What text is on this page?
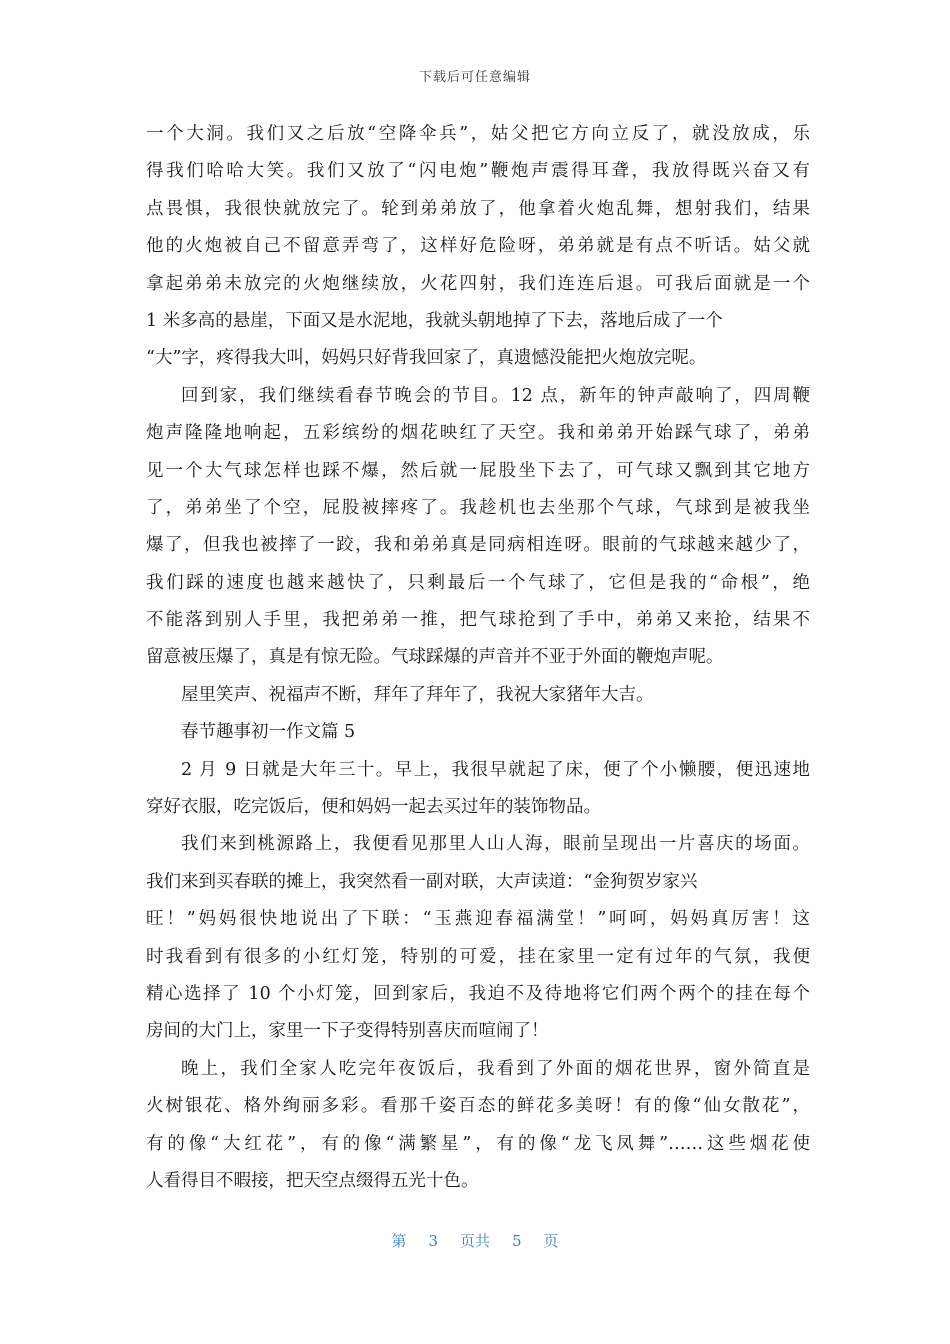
下载后可任意编辑
一个大洞。我们又之后放“空降伞兵”，姑父把它方向立反了，就没放成，乐
得我们哈哈大笑。我们又放了“闪电炮”鞭炮声震得耳聋，我放得既兴奋又有
点畏惧，我很快就放完了。轮到弟弟放了，他拿着火炮乱舞，想射我们，结果
他的火炮被自己不留意弄弯了，这样好危险呀，弟弟就是有点不听话。姑父就
拿起弟弟未放完的火炮继续放，火花四射，我们连连后退。可我后面就是一个
1 米多高的悬崖，下面又是水泥地，我就头朝地掉了下去，落地后成了一个
“大”字，疼得我大叫，妈妈只好背我回家了，真遗憾没能把火炮放完呢。
回到家，我们继续看春节晚会的节目。12 点，新年的钟声敲响了，四周鞭
炮声隆隆地响起，五彩缤纷的烟花映红了天空。我和弟弟开始踩气球了，弟弟
见一个大气球怎样也踩不爆，然后就一屁股坐下去了，可气球又飘到其它地方
了，弟弟坐了个空，屁股被摔疼了。我趁机也去坐那个气球，气球到是被我坐
爆了，但我也被摔了一跤，我和弟弟真是同病相连呀。眼前的气球越来越少了，
我们踩的速度也越来越快了，只剩最后一个气球了，它但是我的“命根”，绝
不能落到别人手里，我把弟弟一推，把气球抢到了手中，弟弟又来抢，结果不
留意被压爆了，真是有惊无险。气球踩爆的声音并不亚于外面的鞭炮声呢。
屋里笑声、祝福声不断，拜年了拜年了，我祝大家猪年大吉。
春节趣事初一作文篇 5
2 月 9 日就是大年三十。早上，我很早就起了床，便了个小懒腰，便迅速地
穿好衣服，吃完饭后，便和妈妈一起去买过年的装饰物品。
我们来到桃源路上，我便看见那里人山人海，眼前呈现出一片喜庆的场面。
我们来到买春联的摊上，我突然看一副对联，大声读道：“金狗贺岁家兴
旺！”妈妈很快地说出了下联：“玉燕迎春福满堂！”呵呵，妈妈真厉害！这
时我看到有很多的小红灯笼，特别的可爱，挂在家里一定有过年的气氛，我便
精心选择了 10 个小灯笼，回到家后，我迫不及待地将它们两个两个的挂在每个
房间的大门上，家里一下子变得特别喜庆而喧闹了！
晚上，我们全家人吃完年夜饭后，我看到了外面的烟花世界，窗外简直是
火树银花、格外绚丽多彩。看那千姿百态的鲜花多美呀！有的像“仙女散花”，
有的像“大红花”，有的像“满繁星”，有的像“龙飞凤舞”……这些烟花使
人看得目不暇接，把天空点缀得五光十色。
第 3 页共 5 页
